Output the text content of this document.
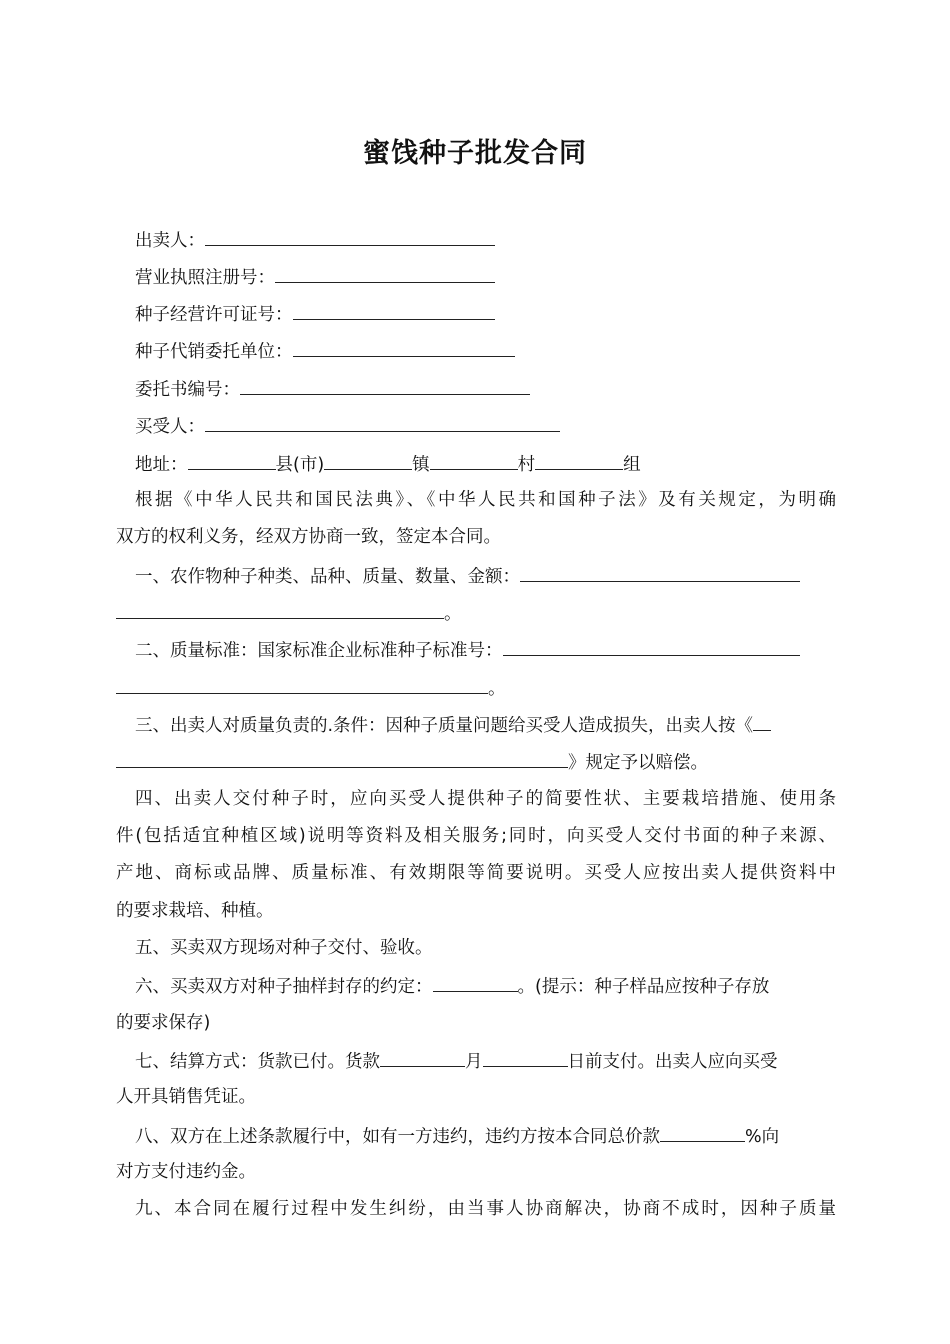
蜜饯种子批发合同
出卖人：
营业执照注册号：
种子经营许可证号：
种子代销委托单位：
委托书编号：
买受人：
地址：	县(市)	镇	村	组
根据《中华人民共和国民法典》、《中华人民共和国种子法》及有关规定，为明确
双方的权利义务，经双方协商一致，签定本合同。
一、农作物种子种类、品种、质量、数量、金额：
。
二、质量标准：国家标准企业标准种子标准号：
。
三、出卖人对质量负责的.条件：因种子质量问题给买受人造成损失，出卖人按《
》规定予以赔偿。
四、出卖人交付种子时，应向买受人提供种子的简要性状、主要栽培措施、使用条
件(包括适宜种植区域)说明等资料及相关服务;同时，向买受人交付书面的种子来源、
产地、商标或品牌、质量标准、有效期限等简要说明。买受人应按出卖人提供资料中
的要求栽培、种植。
五、买卖双方现场对种子交付、验收。
六、买卖双方对种子抽样封存的约定：	。(提示：种子样品应按种子存放
的要求保存)
七、结算方式：货款已付。货款	月	日前支付。出卖人应向买受
人开具销售凭证。
八、双方在上述条款履行中，如有一方违约，违约方按本合同总价款	%向
对方支付违约金。
九、本合同在履行过程中发生纠纷，由当事人协商解决，协商不成时，因种子质量
